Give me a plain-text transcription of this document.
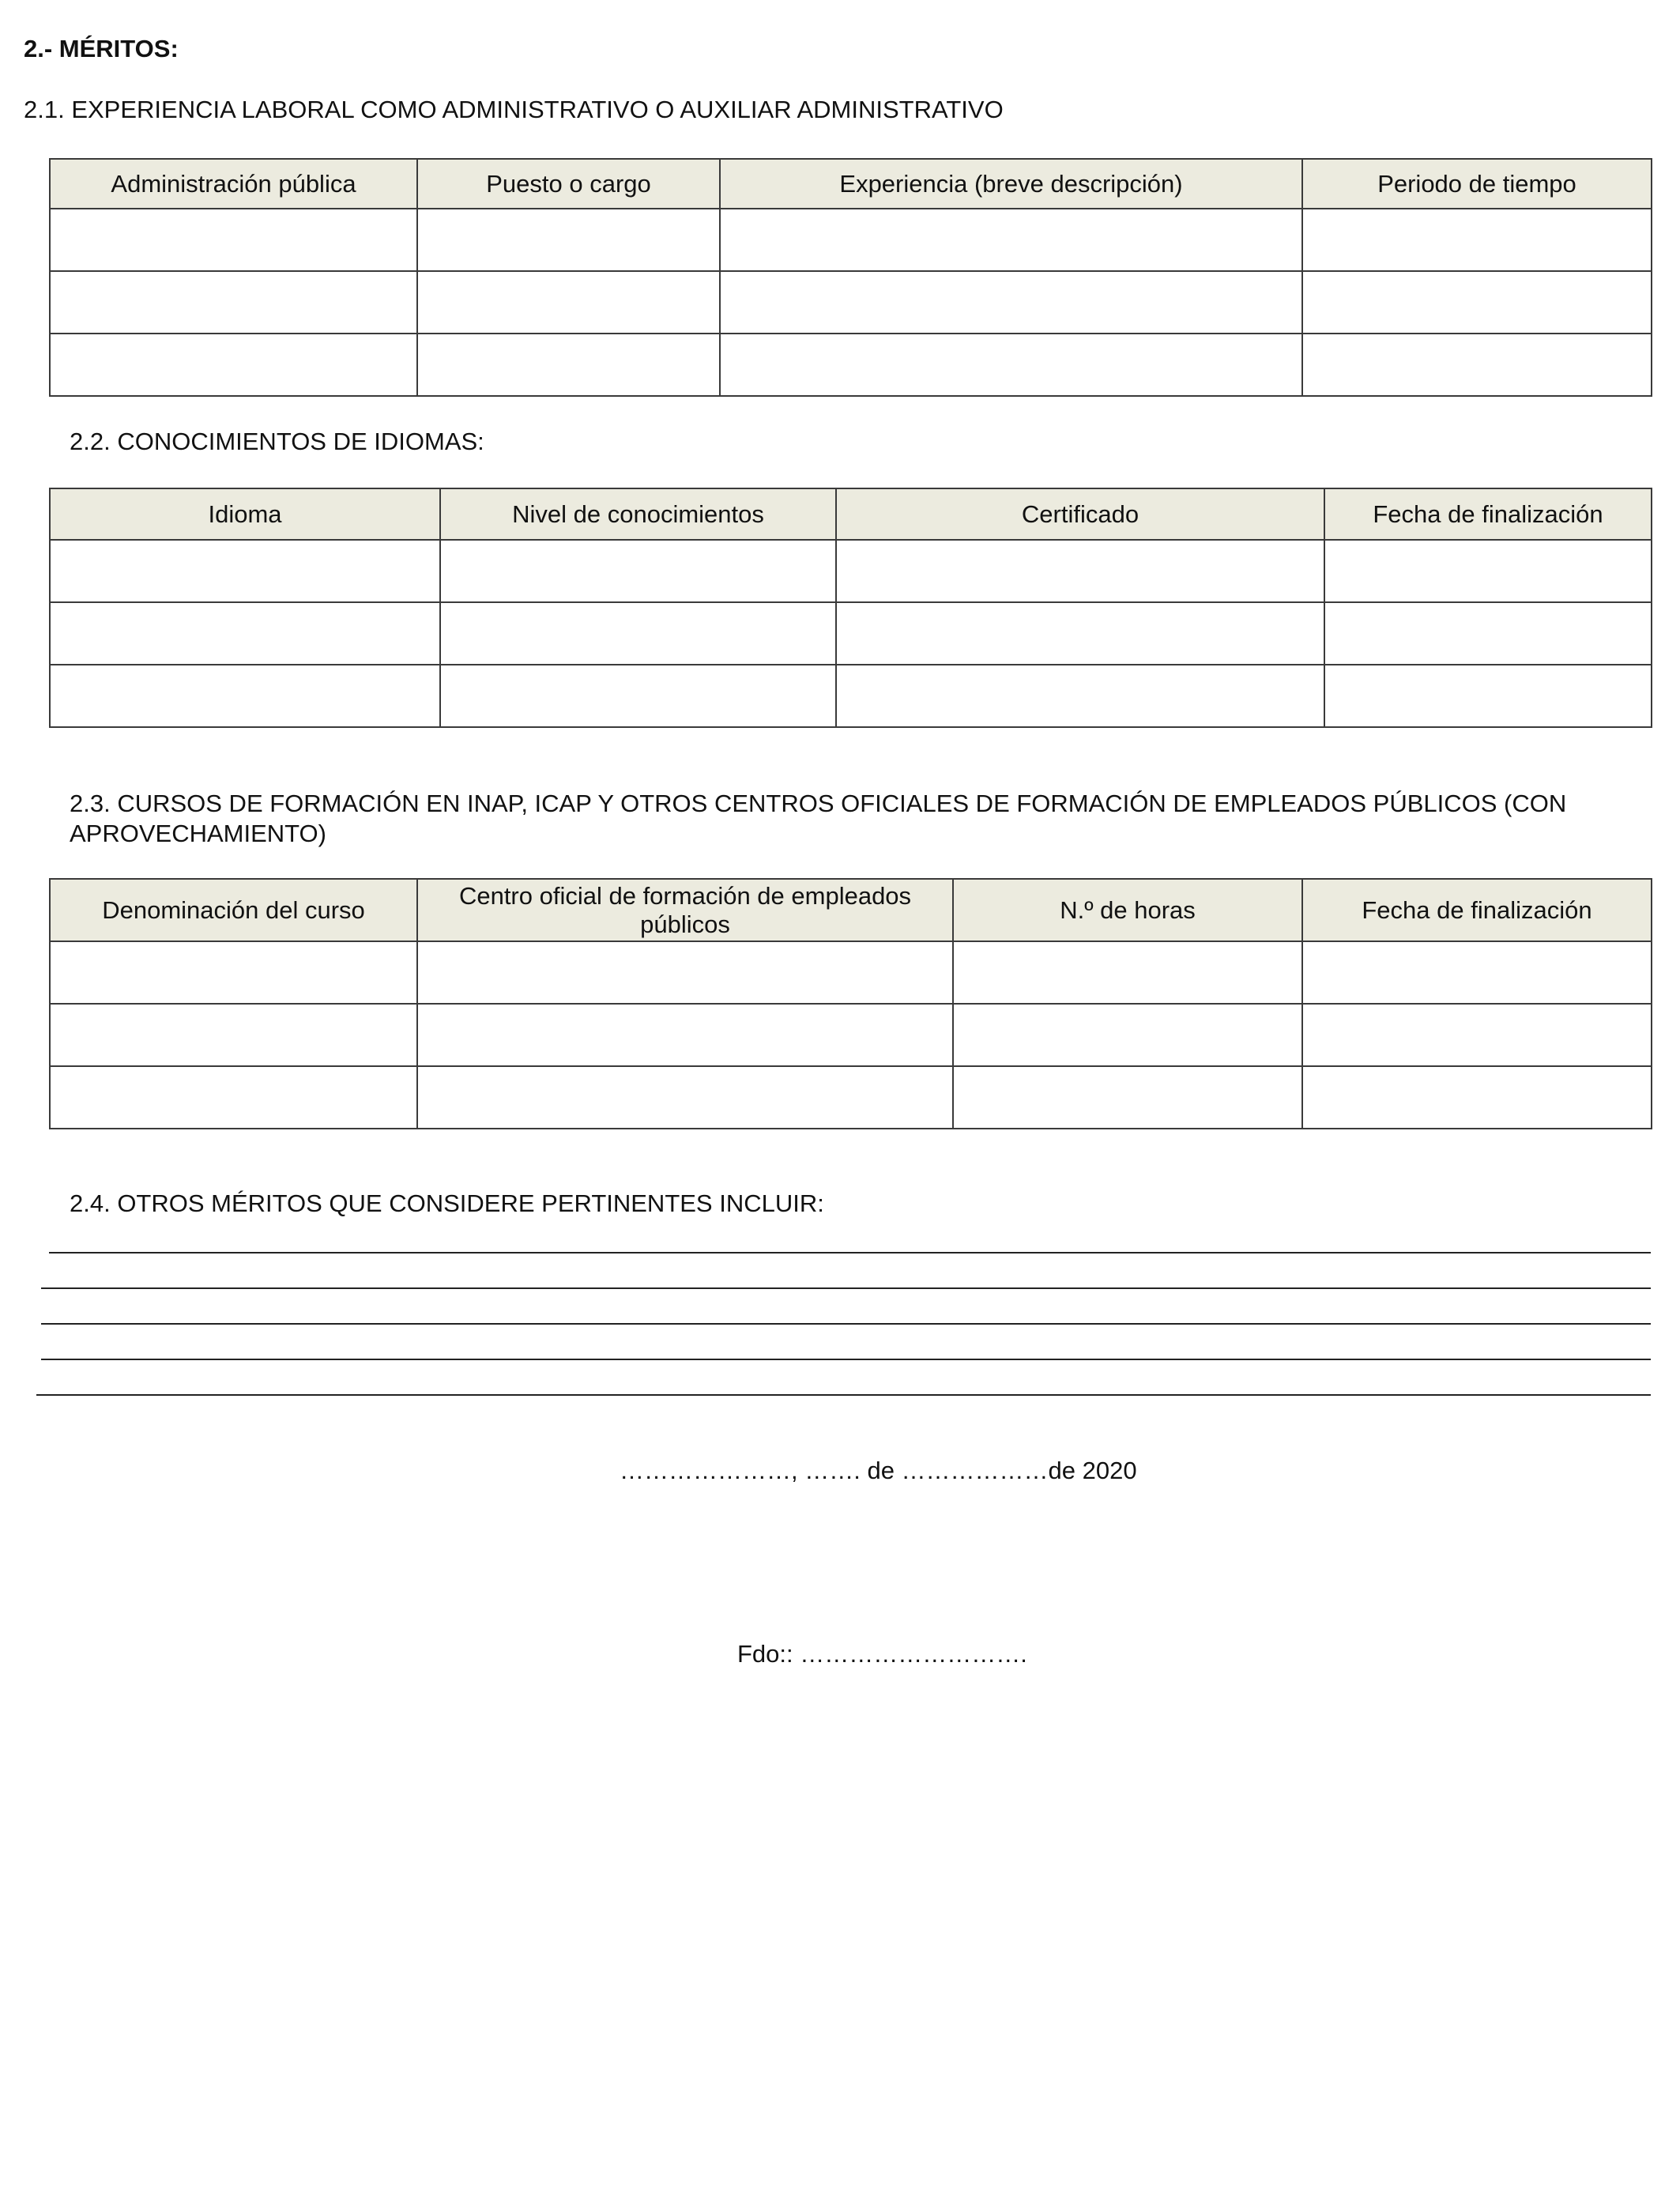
2.- MÉRITOS:
2.1. EXPERIENCIA LABORAL COMO ADMINISTRATIVO O AUXILIAR ADMINISTRATIVO
Administración pública	Puesto o cargo	Experiencia (breve descripción)	Periodo de tiempo

2.2. CONOCIMIENTOS DE IDIOMAS:
Idioma	Nivel de conocimientos	Certificado	Fecha de finalización

2.3. CURSOS DE FORMACIÓN EN INAP, ICAP Y OTROS CENTROS OFICIALES DE FORMACIÓN DE EMPLEADOS PÚBLICOS (CON APROVECHAMIENTO)
Denominación del curso	Centro oficial de formación de empleados públicos	N.º de horas	Fecha de finalización

2.4. OTROS MÉRITOS QUE CONSIDERE PERTINENTES INCLUIR:
…………………, ……. de ………………de 2020
Fdo:: ……………………….
